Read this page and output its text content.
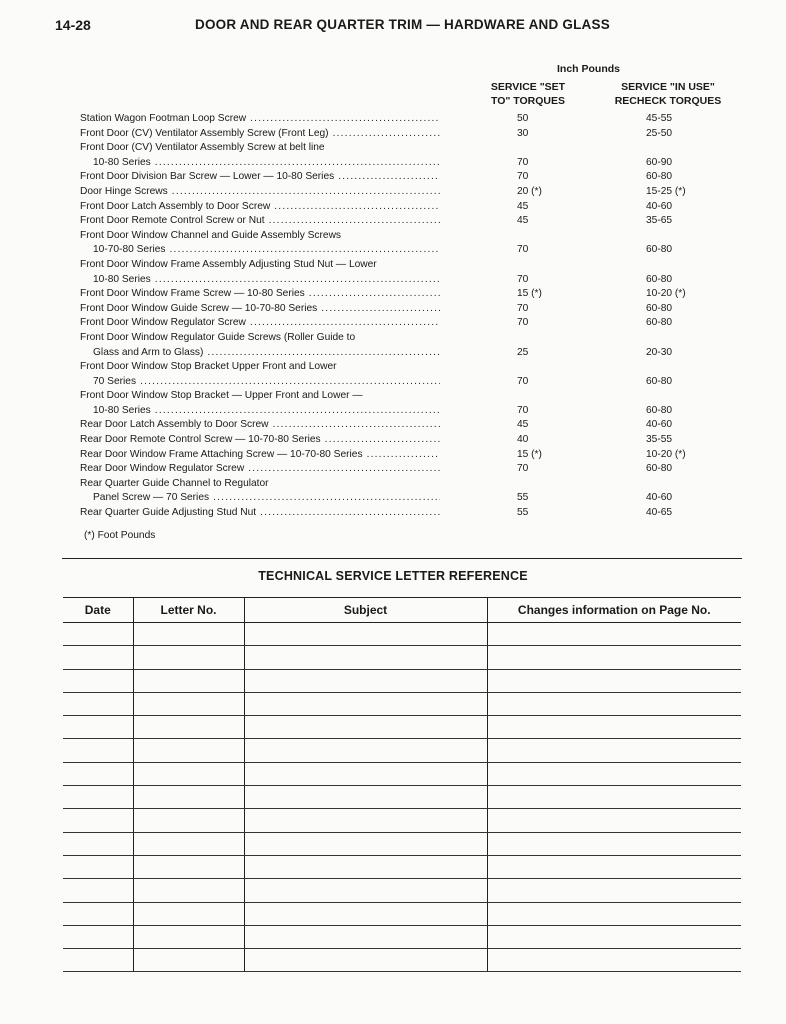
14-28	DOOR AND REAR QUARTER TRIM — HARDWARE AND GLASS
Inch Pounds
SERVICE "SET
TO" TORQUES
SERVICE "IN USE"
RECHECK TORQUES
Station Wagon Footman Loop Screw .....	50	45-55
Front Door (CV) Ventilator Assembly Screw (Front Leg) .....	30	25-50
Front Door (CV) Ventilator Assembly Screw at belt line
10-80 Series .....	70	60-90
Front Door Division Bar Screw — Lower — 10-80 Series .....	70	60-80
Door Hinge Screws .....	20 (*)	15-25 (*)
Front Door Latch Assembly to Door Screw .....	45	40-60
Front Door Remote Control Screw or Nut .....	45	35-65
Front Door Window Channel and Guide Assembly Screws
10-70-80 Series .....	70	60-80
Front Door Window Frame Assembly Adjusting Stud Nut — Lower
10-80 Series .....	70	60-80
Front Door Window Frame Screw — 10-80 Series .....	15 (*)	10-20 (*)
Front Door Window Guide Screw — 10-70-80 Series .....	70	60-80
Front Door Window Regulator Screw .....	70	60-80
Front Door Window Regulator Guide Screws (Roller Guide to
Glass and Arm to Glass) .....	25	20-30
Front Door Window Stop Bracket Upper Front and Lower
70 Series .....	70	60-80
Front Door Window Stop Bracket — Upper Front and Lower —
10-80 Series .....	70	60-80
Rear Door Latch Assembly to Door Screw .....	45	40-60
Rear Door Remote Control Screw — 10-70-80 Series .....	40	35-55
Rear Door Window Frame Attaching Screw — 10-70-80 Series .....	15 (*)	10-20 (*)
Rear Door Window Regulator Screw .....	70	60-80
Rear Quarter Guide Channel to Regulator
Panel Screw — 70 Series .....	55	40-60
Rear Quarter Guide Adjusting Stud Nut .....	55	40-65
(*) Foot Pounds
TECHNICAL SERVICE LETTER REFERENCE
Date	Letter No.	Subject	Changes information on Page No.
